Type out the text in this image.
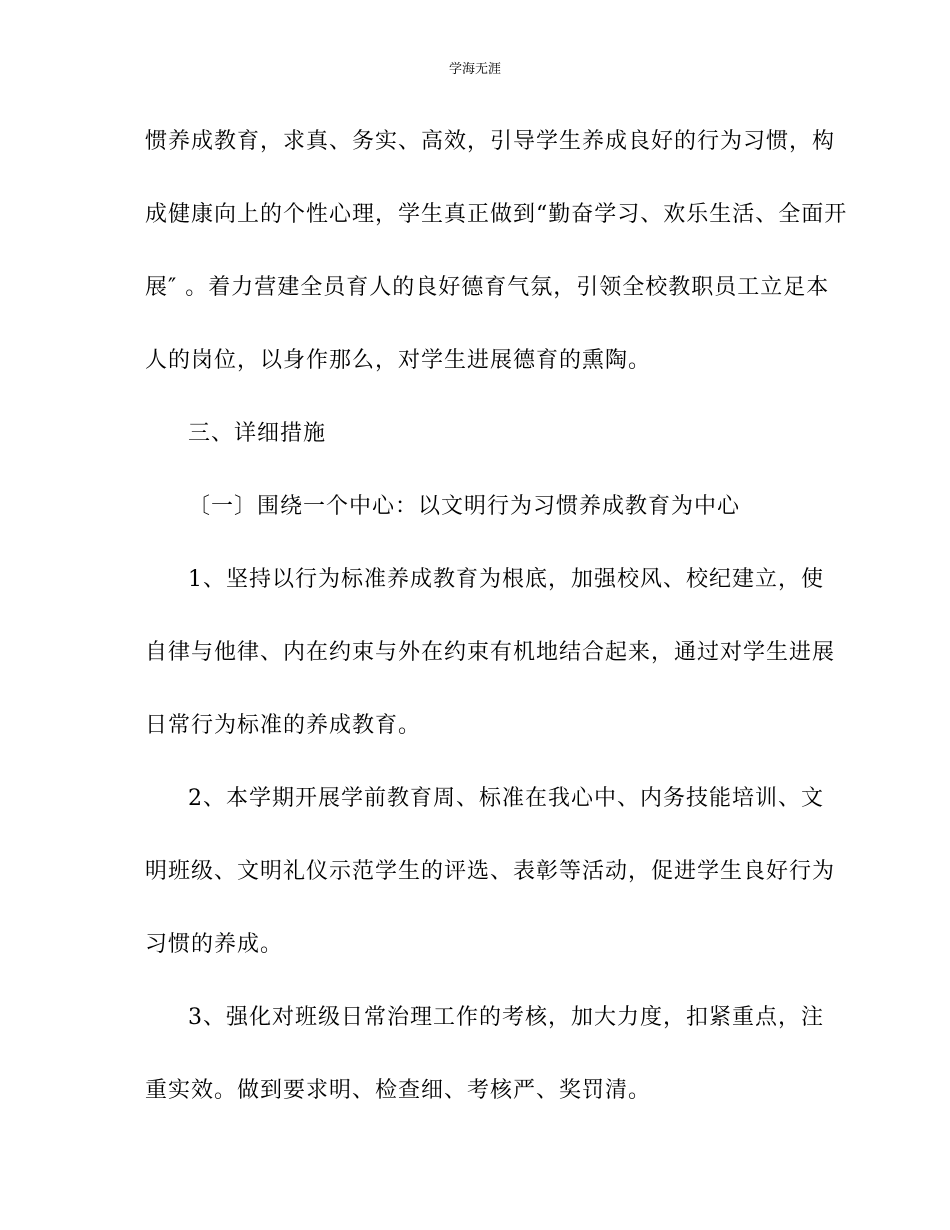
学海无涯
惯养成教育，求真、务实、高效，引导学生养成良好的行为习惯，构
成健康向上的个性心理，学生真正做到“勤奋学习、欢乐生活、全面开
展″ 。着力营建全员育人的良好德育气氛，引领全校教职员工立足本
人的岗位，以身作那么，对学生进展德育的熏陶。
三、详细措施
〔一〕围绕一个中心：以文明行为习惯养成教育为中心
1、坚持以行为标准养成教育为根底，加强校风、校纪建立，使
自律与他律、内在约束与外在约束有机地结合起来，通过对学生进展
日常行为标准的养成教育。
2、本学期开展学前教育周、标准在我心中、内务技能培训、文
明班级、文明礼仪示范学生的评选、表彰等活动，促进学生良好行为
习惯的养成。
3、强化对班级日常治理工作的考核，加大力度，扣紧重点，注
重实效。做到要求明、检查细、考核严、奖罚清。
